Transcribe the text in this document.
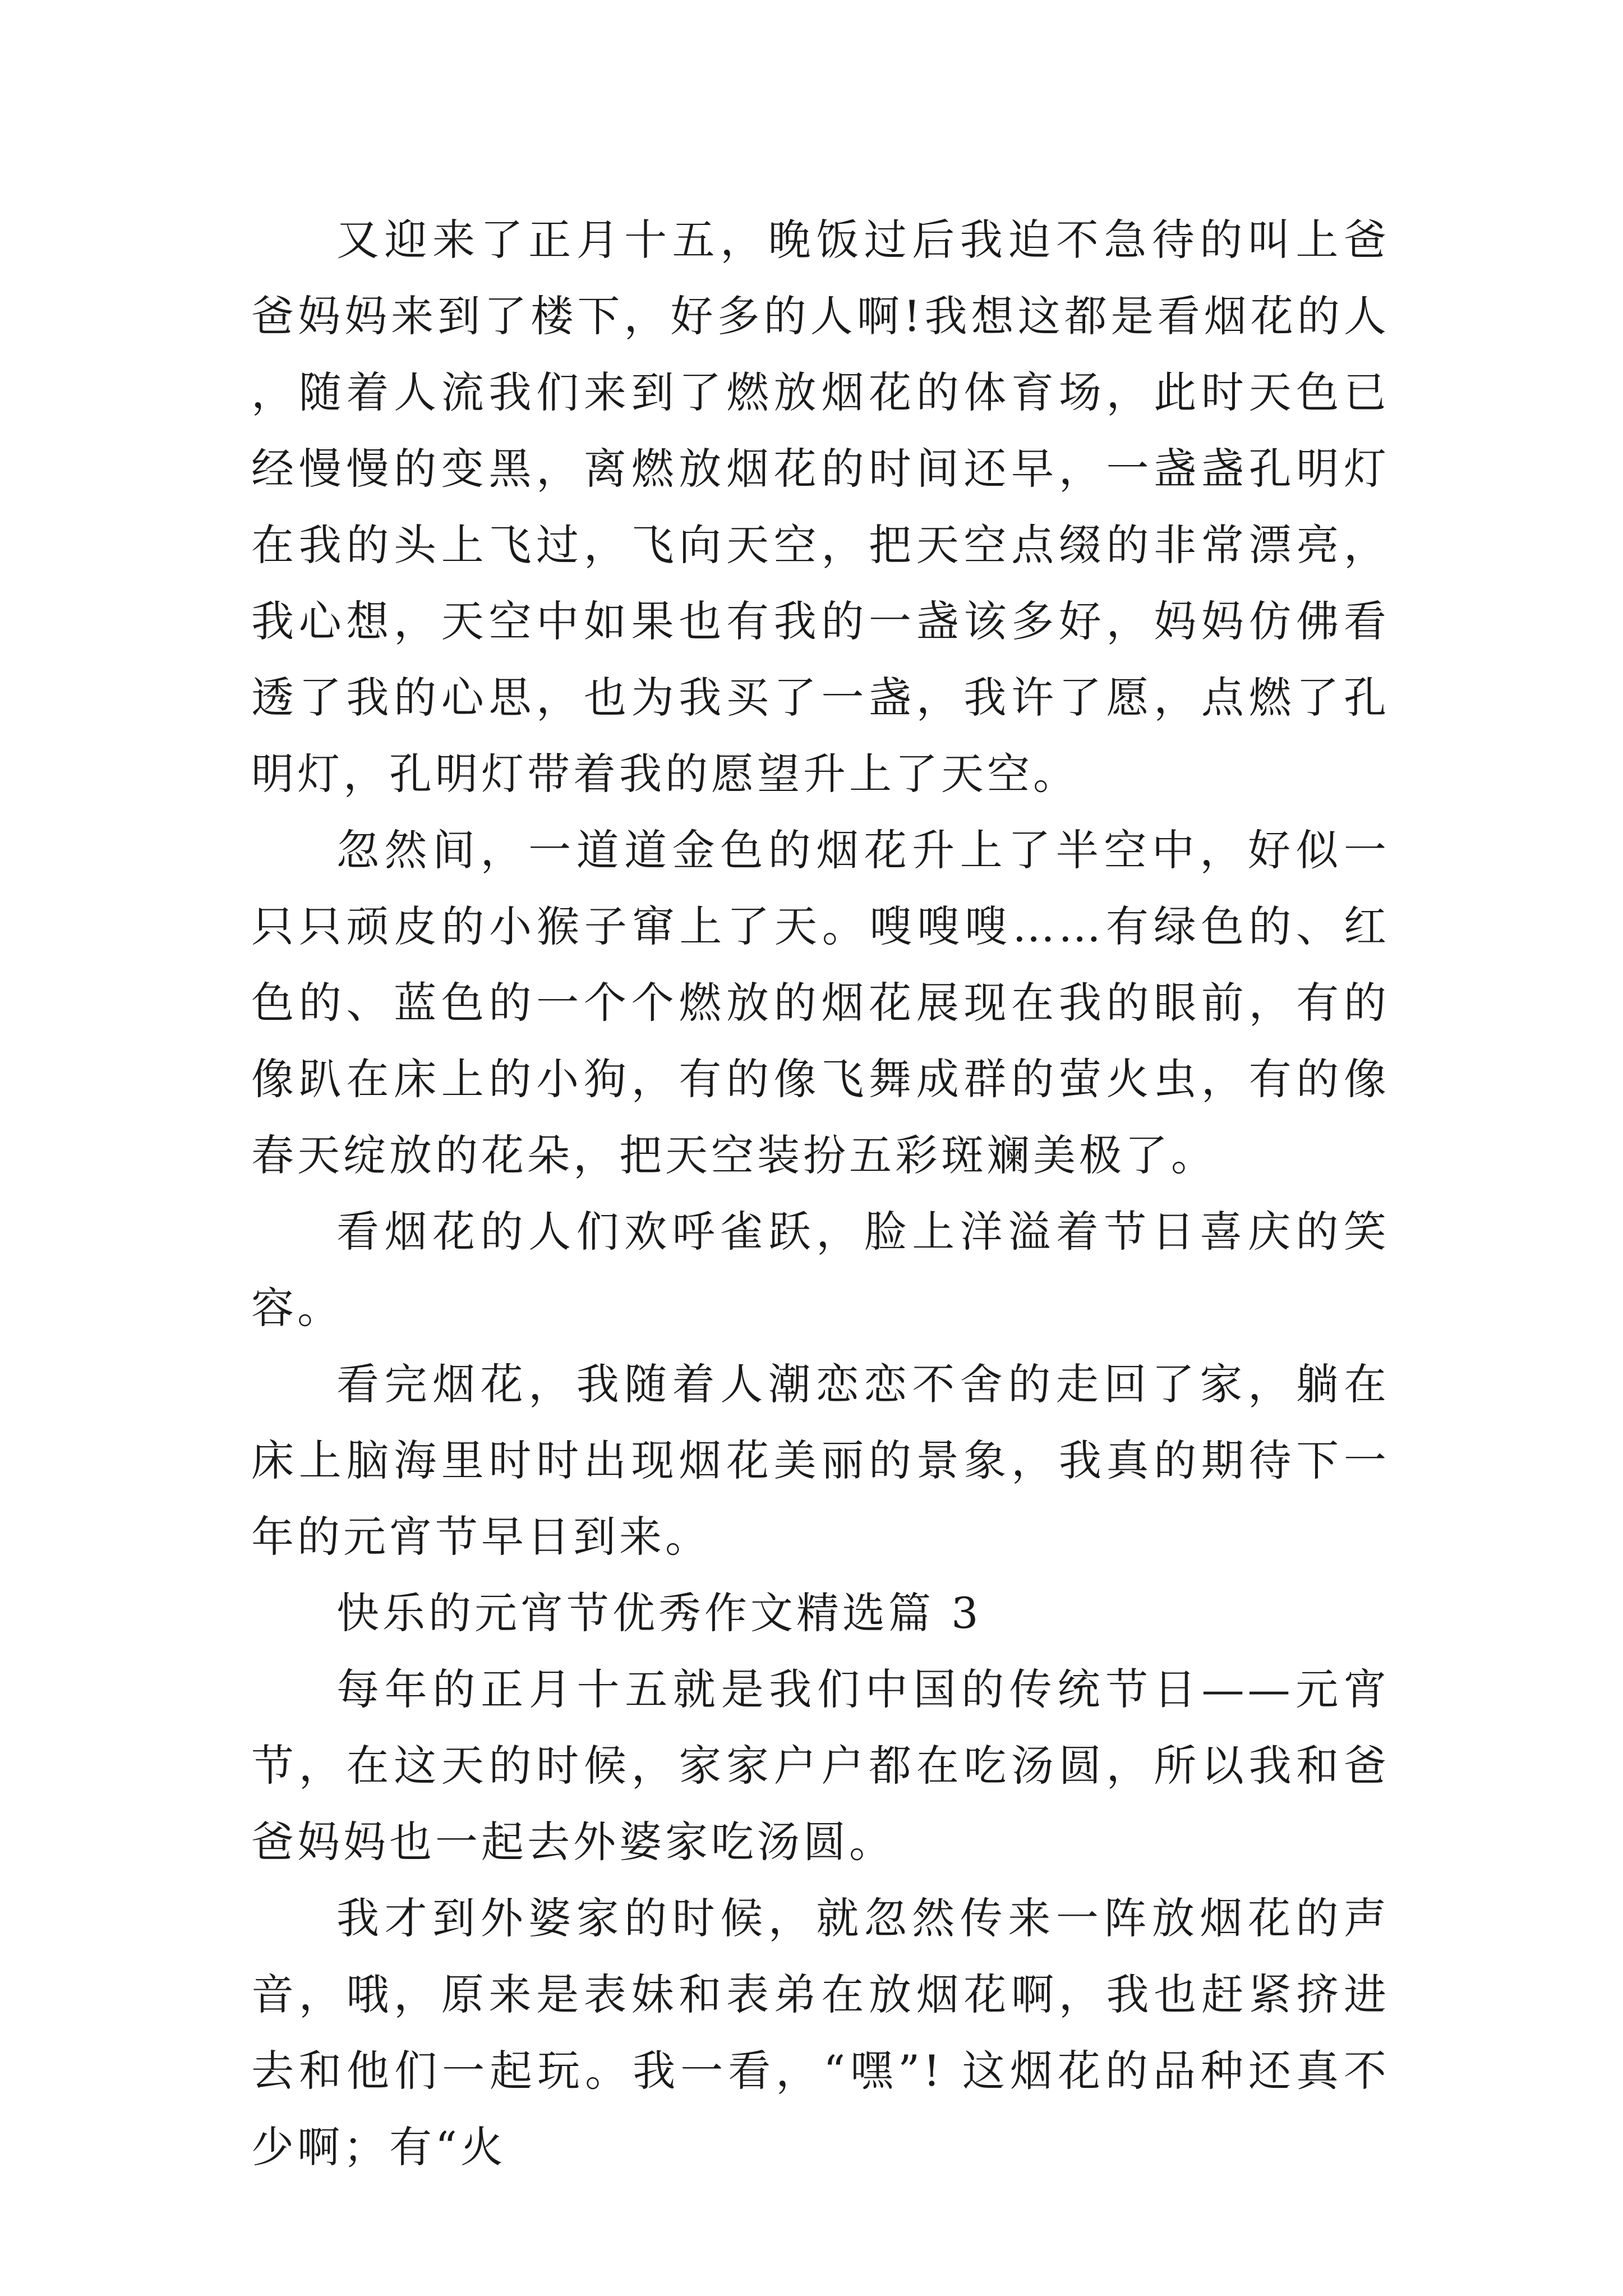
又迎来了正月十五，晚饭过后我迫不急待的叫上爸爸妈妈来到了楼下，好多的人啊!我想这都是看烟花的人，随着人流我们来到了燃放烟花的体育场，此时天色已经慢慢的变黑，离燃放烟花的时间还早，一盏盏孔明灯在我的头上飞过，飞向天空，把天空点缀的非常漂亮，我心想，天空中如果也有我的一盏该多好，妈妈仿佛看透了我的心思，也为我买了一盏，我许了愿，点燃了孔明灯，孔明灯带着我的愿望升上了天空。

忽然间，一道道金色的烟花升上了半空中，好似一只只顽皮的小猴子窜上了天。嗖嗖嗖……有绿色的、红色的、蓝色的一个个燃放的烟花展现在我的眼前，有的像趴在床上的小狗，有的像飞舞成群的萤火虫，有的像春天绽放的花朵，把天空装扮五彩斑斓美极了。

看烟花的人们欢呼雀跃，脸上洋溢着节日喜庆的笑容。

看完烟花，我随着人潮恋恋不舍的走回了家，躺在床上脑海里时时出现烟花美丽的景象，我真的期待下一年的元宵节早日到来。

快乐的元宵节优秀作文精选篇 3

每年的正月十五就是我们中国的传统节日——元宵节，在这天的时候，家家户户都在吃汤圆，所以我和爸爸妈妈也一起去外婆家吃汤圆。

我才到外婆家的时候，就忽然传来一阵放烟花的声音，哦，原来是表妹和表弟在放烟花啊，我也赶紧挤进去和他们一起玩。我一看，“嘿”! 这烟花的品种还真不少啊；有“火
